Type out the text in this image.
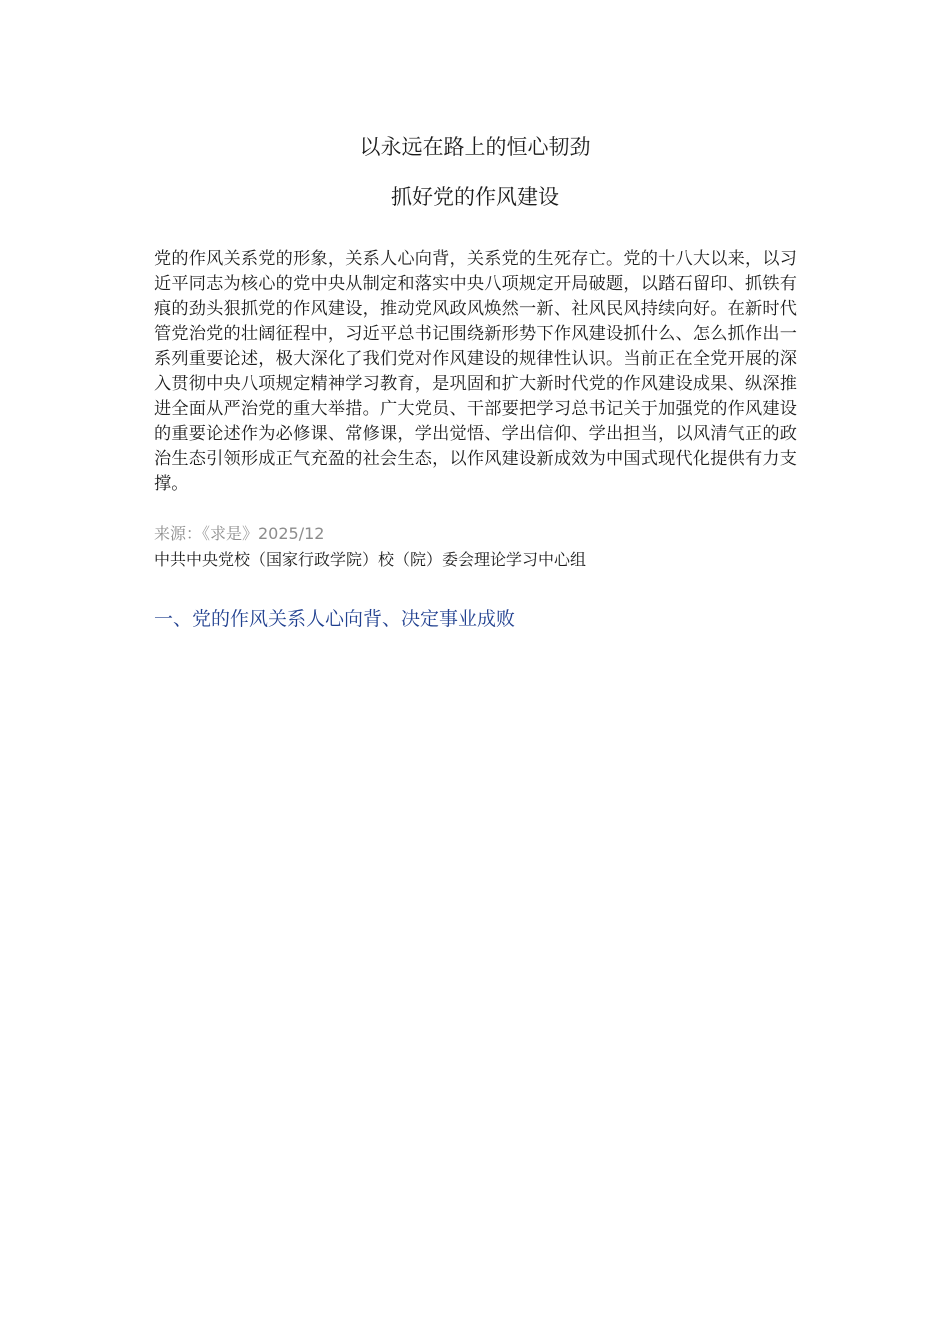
以永远在路上的恒心韧劲
抓好党的作风建设

党的作风关系党的形象，关系人心向背，关系党的生死存亡。党的十八大以来，以习近平同志为核心的党中央从制定和落实中央八项规定开局破题，以踏石留印、抓铁有痕的劲头狠抓党的作风建设，推动党风政风焕然一新、社风民风持续向好。在新时代管党治党的壮阔征程中，习近平总书记围绕新形势下作风建设抓什么、怎么抓作出一系列重要论述，极大深化了我们党对作风建设的规律性认识。当前正在全党开展的深入贯彻中央八项规定精神学习教育，是巩固和扩大新时代党的作风建设成果、纵深推进全面从严治党的重大举措。广大党员、干部要把学习总书记关于加强党的作风建设的重要论述作为必修课、常修课，学出觉悟、学出信仰、学出担当，以风清气正的政治生态引领形成正气充盈的社会生态，以作风建设新成效为中国式现代化提供有力支撑。

来源：《求是》2025/12

中共中央党校（国家行政学院）校（院）委会理论学习中心组

一、党的作风关系人心向背、决定事业成败
